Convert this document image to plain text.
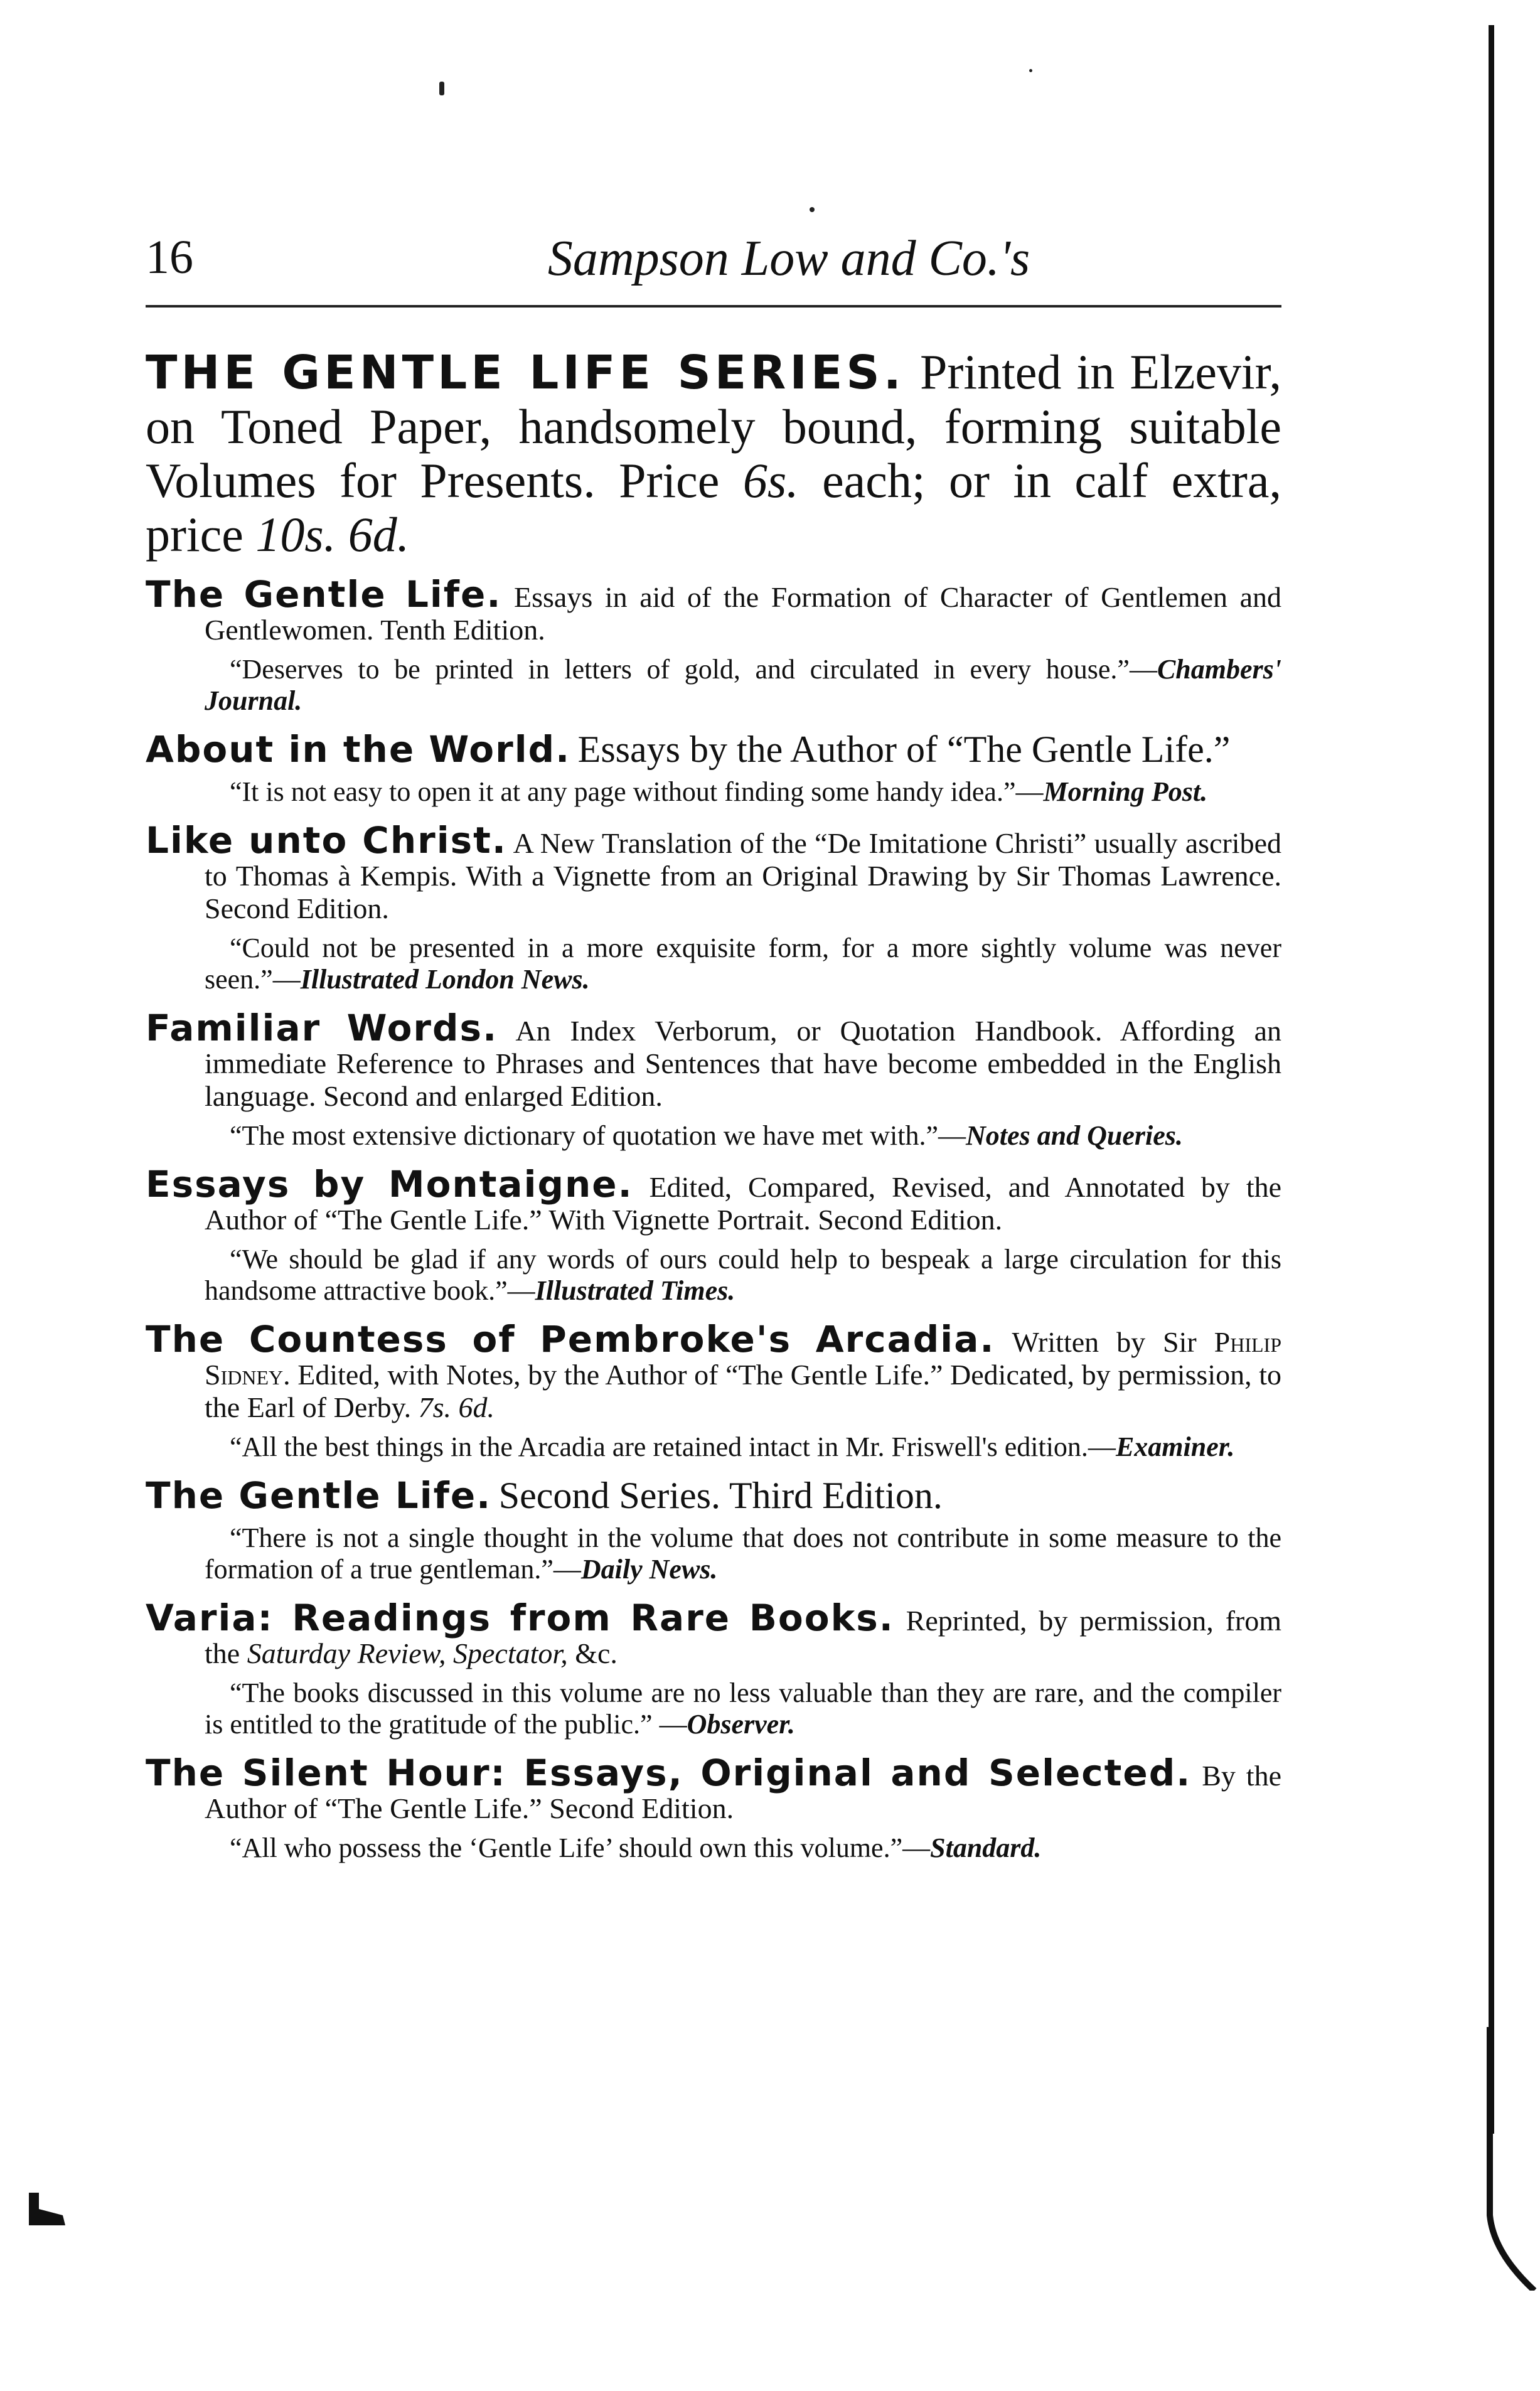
16	Sampson Low and Co.'s
THE GENTLE LIFE SERIES. Printed in Elzevir, on Toned Paper, handsomely bound, forming suitable Volumes for Presents. Price 6s. each; or in calf extra, price 10s. 6d.
The Gentle Life. Essays in aid of the Formation of Character of Gentlemen and Gentlewomen. Tenth Edition.
“Deserves to be printed in letters of gold, and circulated in every house.”—Chambers' Journal.
About in the World. Essays by the Author of “The Gentle Life.”
“It is not easy to open it at any page without finding some handy idea.”—Morning Post.
Like unto Christ. A New Translation of the “De Imitatione Christi” usually ascribed to Thomas à Kempis. With a Vignette from an Original Drawing by Sir Thomas Lawrence. Second Edition.
“Could not be presented in a more exquisite form, for a more sightly volume was never seen.”—Illustrated London News.
Familiar Words. An Index Verborum, or Quotation Handbook. Affording an immediate Reference to Phrases and Sentences that have become embedded in the English language. Second and enlarged Edition.
“The most extensive dictionary of quotation we have met with.”—Notes and Queries.
Essays by Montaigne. Edited, Compared, Revised, and Annotated by the Author of “The Gentle Life.” With Vignette Portrait. Second Edition.
“We should be glad if any words of ours could help to bespeak a large circulation for this handsome attractive book.”—Illustrated Times.
The Countess of Pembroke's Arcadia. Written by Sir Philip Sidney. Edited, with Notes, by the Author of “The Gentle Life.” Dedicated, by permission, to the Earl of Derby. 7s. 6d.
“All the best things in the Arcadia are retained intact in Mr. Friswell's edition.—Examiner.
The Gentle Life. Second Series. Third Edition.
“There is not a single thought in the volume that does not contribute in some measure to the formation of a true gentleman.”—Daily News.
Varia: Readings from Rare Books. Reprinted, by permission, from the Saturday Review, Spectator, &c.
“The books discussed in this volume are no less valuable than they are rare, and the compiler is entitled to the gratitude of the public.” —Observer.
The Silent Hour: Essays, Original and Selected. By the Author of “The Gentle Life.” Second Edition.
“All who possess the ‘Gentle Life’ should own this volume.”—Standard.
